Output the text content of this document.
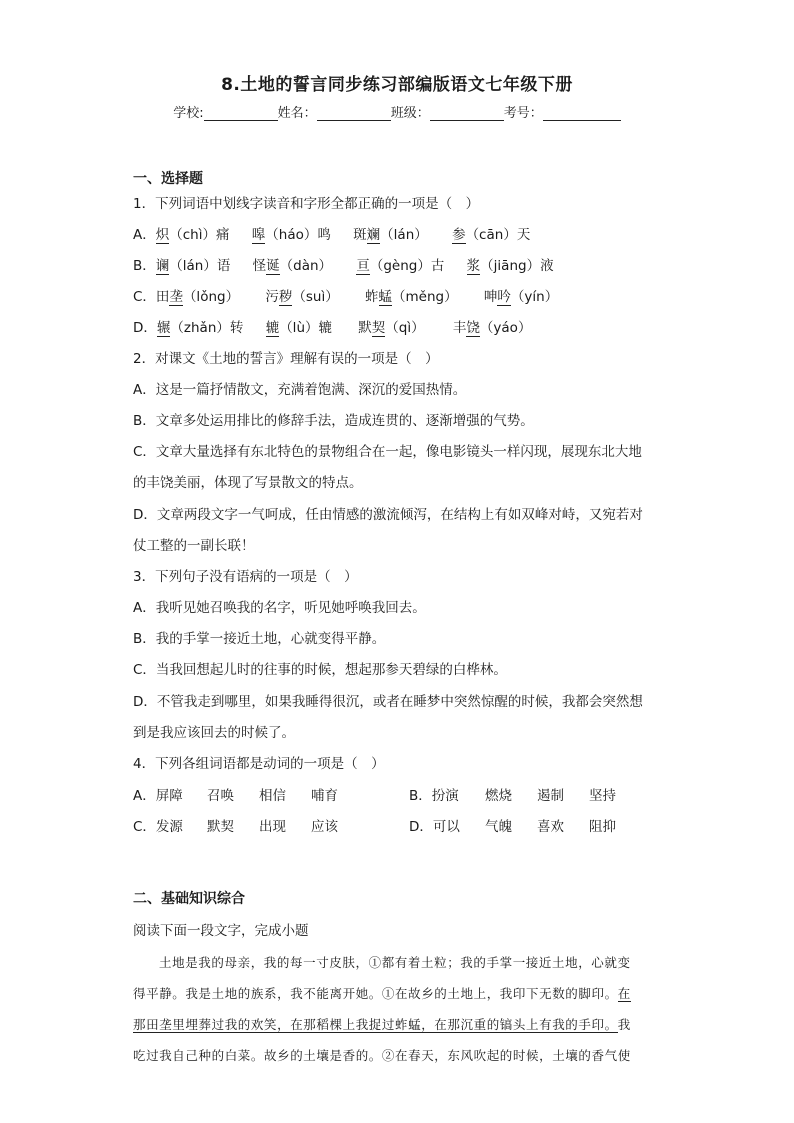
8.土地的誓言同步练习部编版语文七年级下册
学校:	姓名：	班级：	考号：
一、选择题
1．下列词语中划线字读音和字形全都正确的一项是（　）
A．炽（chì）痛 嗥（háo）鸣 斑斓（lán） 参（cān）天
B．谰（lán）语 怪诞（dàn） 亘（gèng）古 浆（jiāng）液
C．田垄（lǒng） 污秽（suì） 蚱蜢（měng） 呻吟（yín）
D．辗（zhǎn）转 辘（lù）辘 默契（qì） 丰饶（yáo）
2．对课文《土地的誓言》理解有误的一项是（　）
A．这是一篇抒情散文，充满着饱满、深沉的爱国热情。
B．文章多处运用排比的修辞手法，造成连贯的、逐渐增强的气势。
C．文章大量选择有东北特色的景物组合在一起，像电影镜头一样闪现，展现东北大地
的丰饶美丽，体现了写景散文的特点。
D．文章两段文字一气呵成，任由情感的激流倾泻，在结构上有如双峰对峙，又宛若对
仗工整的一副长联！
3．下列句子没有语病的一项是（　）
A．我听见她召唤我的名字，听见她呼唤我回去。
B．我的手掌一接近土地，心就变得平静。
C．当我回想起儿时的往事的时候，想起那参天碧绿的白桦林。
D．不管我走到哪里，如果我睡得很沉，或者在睡梦中突然惊醒的时候，我都会突然想
到是我应该回去的时候了。
4．下列各组词语都是动词的一项是（　）
A．屏障 召唤 相信 哺育	B．扮演 燃烧 遏制 坚持
C．发源 默契 出现 应该	D．可以 气魄 喜欢 阻抑
二、基础知识综合
阅读下面一段文字，完成小题
土地是我的母亲，我的每一寸皮肤，①都有着土粒；我的手掌一接近土地，心就变
得平静。我是土地的族系，我不能离开她。①在故乡的土地上，我印下无数的脚印。在
那田垄里埋葬过我的欢笑，在那稻棵上我捉过蚱蜢，在那沉重的镐头上有我的手印。我
吃过我自己种的白菜。故乡的土壤是香的。②在春天，东风吹起的时候，土壤的香气使
